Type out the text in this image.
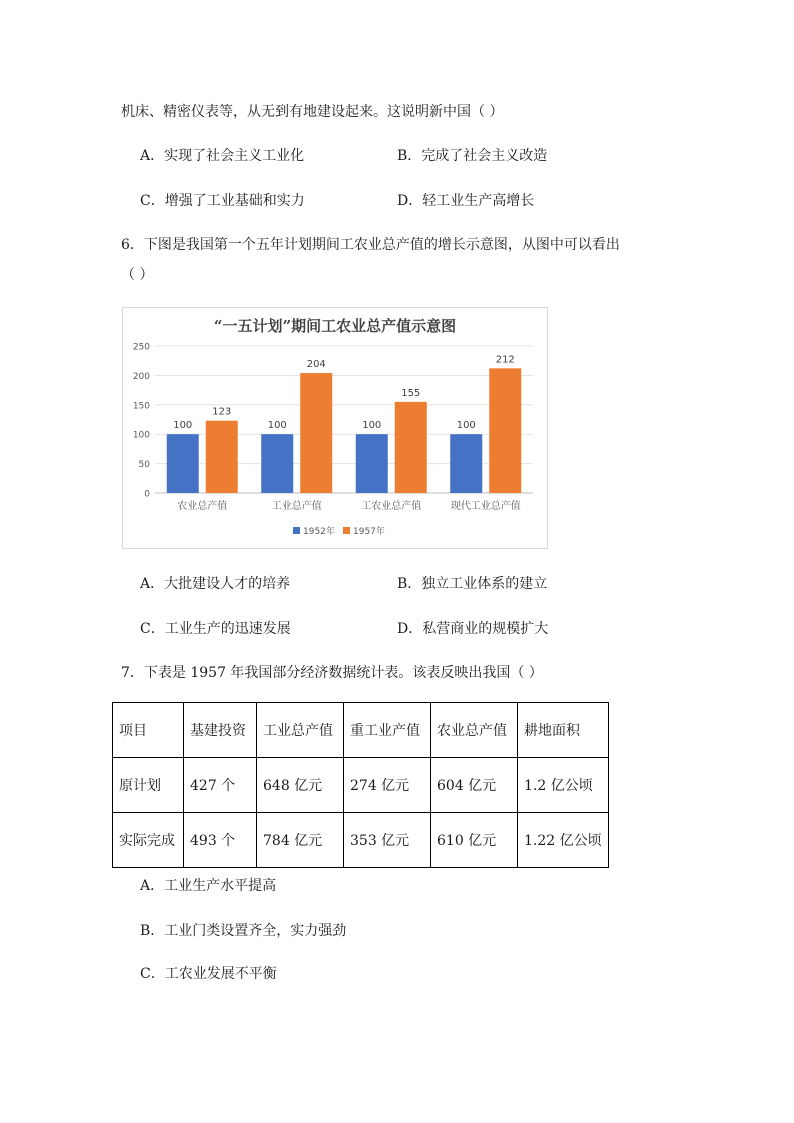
机床、精密仪表等，从无到有地建设起来。这说明新中国（ ）
A．实现了社会主义工业化	B．完成了社会主义改造
C．增强了工业基础和实力	D．轻工业生产高增长
6．下图是我国第一个五年计划期间工农业总产值的增长示意图，从图中可以看出
（ ）
“一五计划”期间工农业总产值示意图
0
50
100
150
200
250
100
123
农业总产值
100
204
工业总产值
100
155
工农业总产值
100
212
现代工业总产值
1952年 1957年
A．大批建设人才的培养	B．独立工业体系的建立
C．工业生产的迅速发展	D．私营商业的规模扩大
7．下表是 1957 年我国部分经济数据统计表。该表反映出我国（ ）
项目	基建投资	工业总产值	重工业产值	农业总产值	耕地面积
原计划	427 个	648 亿元	274 亿元	604 亿元	1.2 亿公顷
实际完成	493 个	784 亿元	353 亿元	610 亿元	1.22 亿公顷
A．工业生产水平提高
B．工业门类设置齐全，实力强劲
C．工农业发展不平衡
